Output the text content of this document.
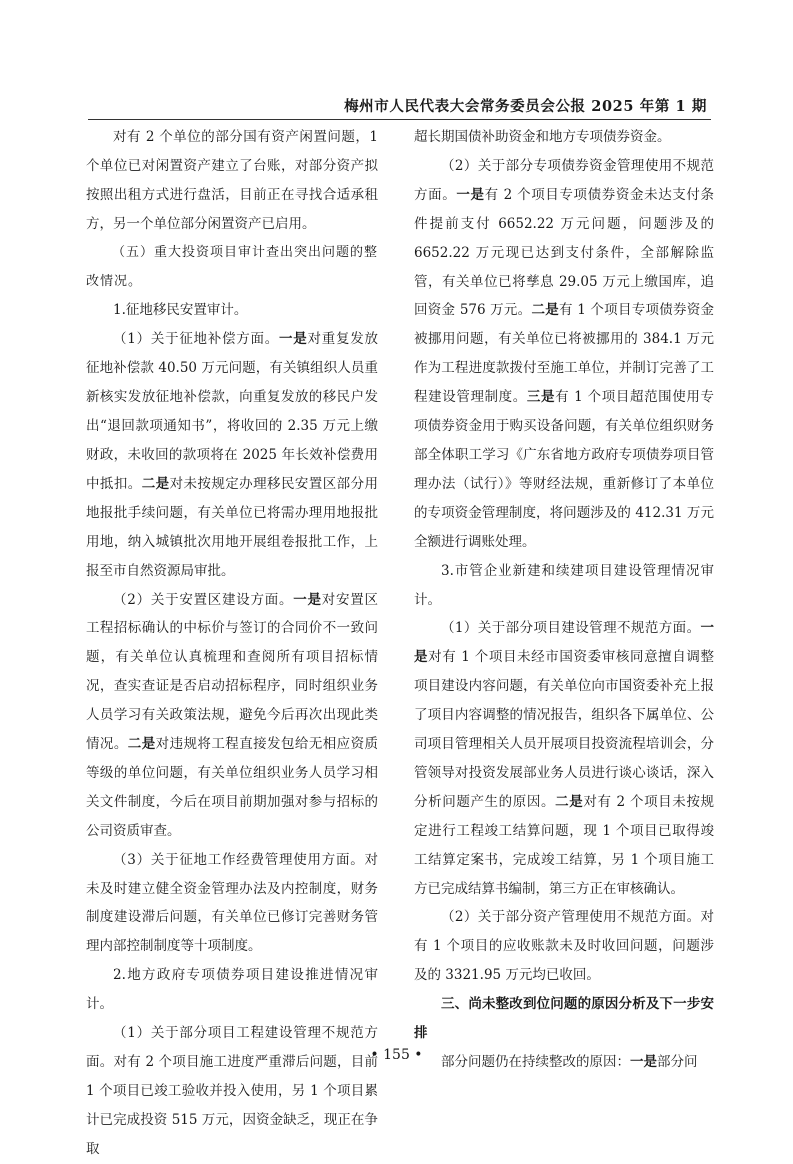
梅州市人民代表大会常务委员会公报 2025 年第 1 期

对有 2 个单位的部分国有资产闲置问题，1 个单位已对闲置资产建立了台账，对部分资产拟按照出租方式进行盘活，目前正在寻找合适承租方，另一个单位部分闲置资产已启用。

（五）重大投资项目审计查出突出问题的整改情况。

1.征地移民安置审计。

（1）关于征地补偿方面。一是对重复发放征地补偿款 40.50 万元问题，有关镇组织人员重新核实发放征地补偿款，向重复发放的移民户发出“退回款项通知书”，将收回的 2.35 万元上缴财政，未收回的款项将在 2025 年长效补偿费用中抵扣。二是对未按规定办理移民安置区部分用地报批手续问题，有关单位已将需办理用地报批用地，纳入城镇批次用地开展组卷报批工作，上报至市自然资源局审批。

（2）关于安置区建设方面。一是对安置区工程招标确认的中标价与签订的合同价不一致问题，有关单位认真梳理和查阅所有项目招标情况，查实查证是否启动招标程序，同时组织业务人员学习有关政策法规，避免今后再次出现此类情况。二是对违规将工程直接发包给无相应资质等级的单位问题，有关单位组织业务人员学习相关文件制度，今后在项目前期加强对参与招标的公司资质审查。

（3）关于征地工作经费管理使用方面。对未及时建立健全资金管理办法及内控制度，财务制度建设滞后问题，有关单位已修订完善财务管理内部控制制度等十项制度。

2.地方政府专项债券项目建设推进情况审计。

（1）关于部分项目工程建设管理不规范方面。对有 2 个项目施工进度严重滞后问题，目前 1 个项目已竣工验收并投入使用，另 1 个项目累计已完成投资 515 万元，因资金缺乏，现正在争取

超长期国债补助资金和地方专项债券资金。

（2）关于部分专项债券资金管理使用不规范方面。一是有 2 个项目专项债券资金未达支付条件提前支付 6652.22 万元问题，问题涉及的 6652.22 万元现已达到支付条件，全部解除监管，有关单位已将孳息 29.05 万元上缴国库，追回资金 576 万元。二是有 1 个项目专项债券资金被挪用问题，有关单位已将被挪用的 384.1 万元作为工程进度款拨付至施工单位，并制订完善了工程建设管理制度。三是有 1 个项目超范围使用专项债券资金用于购买设备问题，有关单位组织财务部全体职工学习《广东省地方政府专项债券项目管理办法（试行）》等财经法规，重新修订了本单位的专项资金管理制度，将问题涉及的 412.31 万元全额进行调账处理。

3.市管企业新建和续建项目建设管理情况审计。

（1）关于部分项目建设管理不规范方面。一是对有 1 个项目未经市国资委审核同意擅自调整项目建设内容问题，有关单位向市国资委补充上报了项目内容调整的情况报告，组织各下属单位、公司项目管理相关人员开展项目投资流程培训会，分管领导对投资发展部业务人员进行谈心谈话，深入分析问题产生的原因。二是对有 2 个项目未按规定进行工程竣工结算问题，现 1 个项目已取得竣工结算定案书，完成竣工结算，另 1 个项目施工方已完成结算书编制，第三方正在审核确认。

（2）关于部分资产管理使用不规范方面。对有 1 个项目的应收账款未及时收回问题，问题涉及的 3321.95 万元均已收回。

三、尚未整改到位问题的原因分析及下一步安排

部分问题仍在持续整改的原因：一是部分问

• 155 •
